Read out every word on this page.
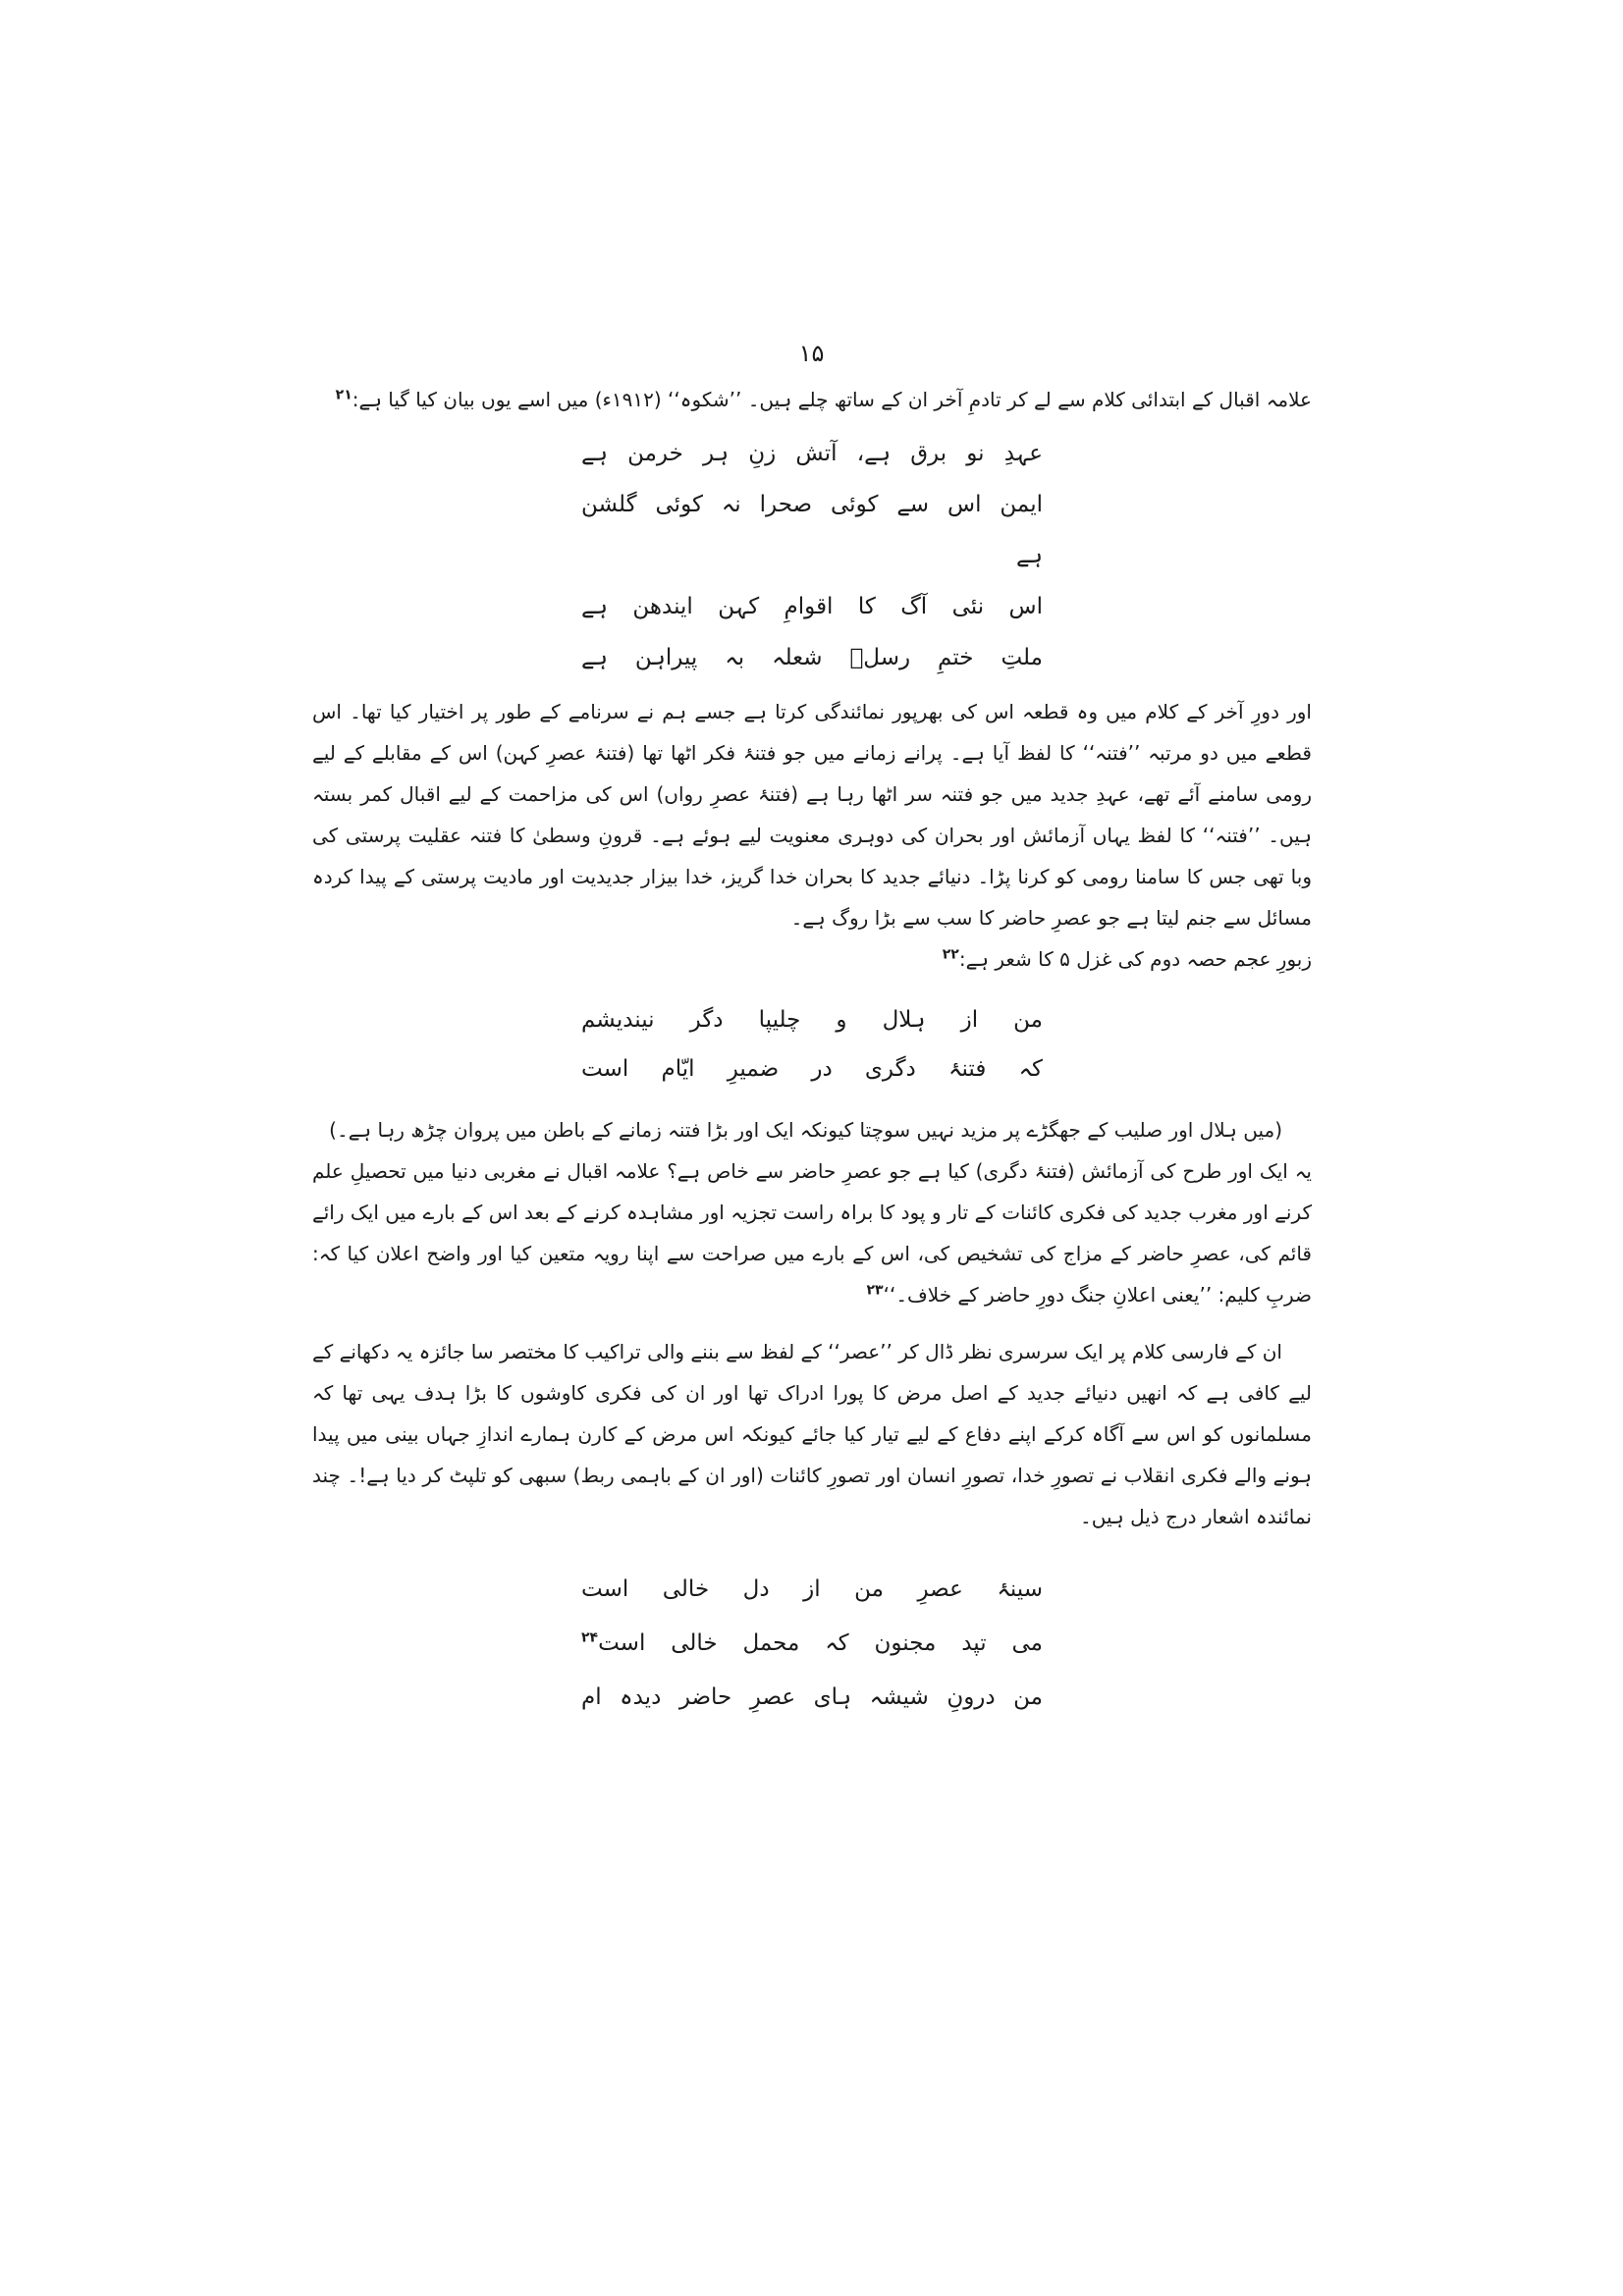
۱۵

علامہ اقبال کے ابتدائی کلام سے لے کر تادمِ آخر ان کے ساتھ چلے ہیں۔ ’’شکوہ‘‘ (۱۹۱۲ء) میں اسے یوں بیان کیا گیا ہے:$^{۲۱}$

عہدِ نو برق ہے، آتش زنِ ہر خرمن ہے
ایمن اس سے کوئی صحرا نہ کوئی گلشن ہے
اس نئی آگ کا اقوامِ کہن ایندھن ہے
ملتِ ختمِ رسلؐ شعلہ بہ پیراہن ہے

اور دورِ آخر کے کلام میں وہ قطعہ اس کی بھرپور نمائندگی کرتا ہے جسے ہم نے سرنامے کے طور پر اختیار کیا تھا۔ اس قطعے میں دو مرتبہ ’’فتنہ‘‘ کا لفظ آیا ہے۔ پرانے زمانے میں جو فتنۂ فکر اٹھا تھا (فتنۂ عصرِ کہن) اس کے مقابلے کے لیے رومی سامنے آئے تھے، عہدِ جدید میں جو فتنہ سر اٹھا رہا ہے (فتنۂ عصرِ رواں) اس کی مزاحمت کے لیے اقبال کمر بستہ ہیں۔ ’’فتنہ‘‘ کا لفظ یہاں آزمائش اور بحران کی دوہری معنویت لیے ہوئے ہے۔ قرونِ وسطیٰ کا فتنہ عقلیت پرستی کی وبا تھی جس کا سامنا رومی کو کرنا پڑا۔ دنیائے جدید کا بحران خدا گریز، خدا بیزار جدیدیت اور مادیت پرستی کے پیدا کردہ مسائل سے جنم لیتا ہے جو عصرِ حاضر کا سب سے بڑا روگ ہے۔

زبورِ عجم حصہ دوم کی غزل ۵ کا شعر ہے:$^{۲۲}$

من از ہلال و چلیپا دگر نیندیشم
کہ فتنۂ دگری در ضمیرِ ایّام است

(میں ہلال اور صلیب کے جھگڑے پر مزید نہیں سوچتا کیونکہ ایک اور بڑا فتنہ زمانے کے باطن میں پروان چڑھ رہا ہے۔)

یہ ایک اور طرح کی آزمائش (فتنۂ دگری) کیا ہے جو عصرِ حاضر سے خاص ہے؟ علامہ اقبال نے مغربی دنیا میں تحصیلِ علم کرنے اور مغرب جدید کی فکری کائنات کے تار و پود کا براہ راست تجزیہ اور مشاہدہ کرنے کے بعد اس کے بارے میں ایک رائے قائم کی، عصرِ حاضر کے مزاج کی تشخیص کی، اس کے بارے میں صراحت سے اپنا رویہ متعین کیا اور واضح اعلان کیا کہ: ضربِ کلیم: ’’یعنی اعلانِ جنگ دورِ حاضر کے خلاف۔‘‘$^{۲۳}$

ان کے فارسی کلام پر ایک سرسری نظر ڈال کر ’’عصر‘‘ کے لفظ سے بننے والی تراکیب کا مختصر سا جائزہ یہ دکھانے کے لیے کافی ہے کہ انھیں دنیائے جدید کے اصل مرض کا پورا ادراک تھا اور ان کی فکری کاوشوں کا بڑا ہدف یہی تھا کہ مسلمانوں کو اس سے آگاہ کرکے اپنے دفاع کے لیے تیار کیا جائے کیونکہ اس مرض کے کارن ہمارے اندازِ جہاں بینی میں پیدا ہونے والے فکری انقلاب نے تصورِ خدا، تصورِ انسان اور تصورِ کائنات (اور ان کے باہمی ربط) سبھی کو تلپٹ کر دیا ہے!۔ چند نمائندہ اشعار درج ذیل ہیں۔

سینۂ عصرِ من از دل خالی است
می تپد مجنون کہ محمل خالی است$^{۲۴}$
من درونِ شیشہ ہای عصرِ حاضر دیدہ ام
